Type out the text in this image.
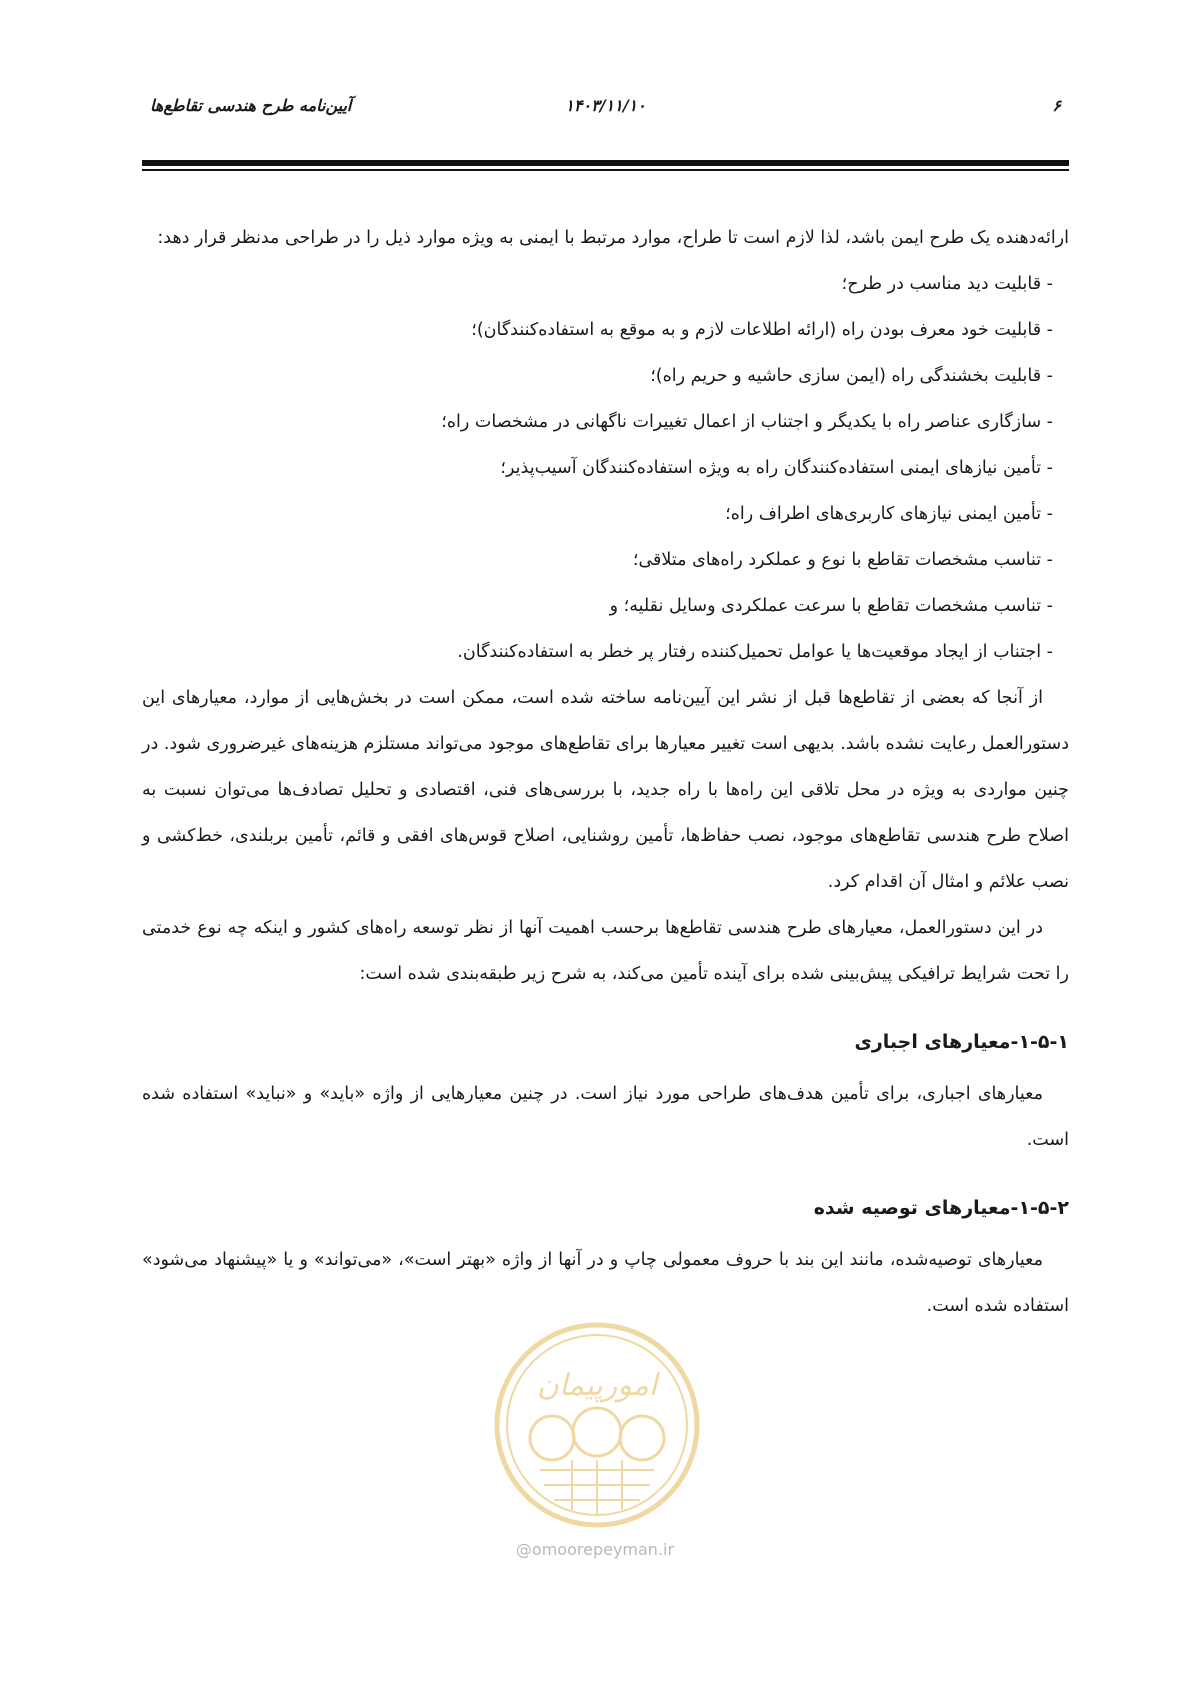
۶
۱۴۰۳/۱۱/۱۰
آیین‌نامه طرح هندسی تقاطع‌ها

ارائه‌دهنده یک طرح ایمن باشد، لذا لازم است تا طراح، موارد مرتبط با ایمنی به ویژه موارد ذیل را در طراحی مدنظر قرار دهد:

- قابلیت دید مناسب در طرح؛
- قابلیت خود معرف بودن راه (ارائه اطلاعات لازم و به موقع به استفاده‌کنندگان)؛
- قابلیت بخشندگی راه (ایمن سازی حاشیه و حریم راه)؛
- سازگاری عناصر راه با یکدیگر و اجتناب از اعمال تغییرات ناگهانی در مشخصات راه؛
- تأمین نیازهای ایمنی استفاده‌کنندگان راه به ویژه استفاده‌کنندگان آسیب‌پذیر؛
- تأمین ایمنی نیازهای کاربری‌های اطراف راه؛
- تناسب مشخصات تقاطع با نوع و عملکرد راه‌های متلاقی؛
- تناسب مشخصات تقاطع با سرعت عملکردی وسایل نقلیه؛ و
- اجتناب از ایجاد موقعیت‌ها یا عوامل تحمیل‌کننده رفتار پر خطر به استفاده‌کنندگان.

از آنجا که بعضی از تقاطع‌ها قبل از نشر این آیین‌نامه ساخته شده است، ممکن است در بخش‌هایی از موارد، معیارهای این دستورالعمل رعایت نشده باشد. بدیهی است تغییر معیارها برای تقاطع‌های موجود می‌تواند مستلزم هزینه‌های غیرضروری شود. در چنین مواردی به ویژه در محل تلاقی این راه‌ها با راه جدید، با بررسی‌های فنی، اقتصادی و تحلیل تصادف‌ها می‌توان نسبت به اصلاح طرح هندسی تقاطع‌های موجود، نصب حفاظ‌ها، تأمین روشنایی، اصلاح قوس‌های افقی و قائم، تأمین بربلندی، خط‌کشی و نصب علائم و امثال آن اقدام کرد.

در این دستورالعمل، معیارهای طرح هندسی تقاطع‌ها برحسب اهمیت آنها از نظر توسعه راه‌های کشور و اینکه چه نوع خدمتی را تحت شرایط ترافیکی پیش‌بینی شده برای آینده تأمین می‌کند، به شرح زیر طبقه‌بندی شده است:

۱-۵-۱-معیارهای اجباری

معیارهای اجباری، برای تأمین هدف‌های طراحی مورد نیاز است. در چنین معیارهایی از واژه «باید» و «نباید» استفاده شده است.

۱-۵-۲-معیارهای توصیه شده

معیارهای توصیه‌شده، مانند این بند با حروف معمولی چاپ و در آنها از واژه «بهتر است»، «می‌تواند» و یا «پیشنهاد می‌شود» استفاده شده است.

امورپیمان
@omoorepeyman.ir
